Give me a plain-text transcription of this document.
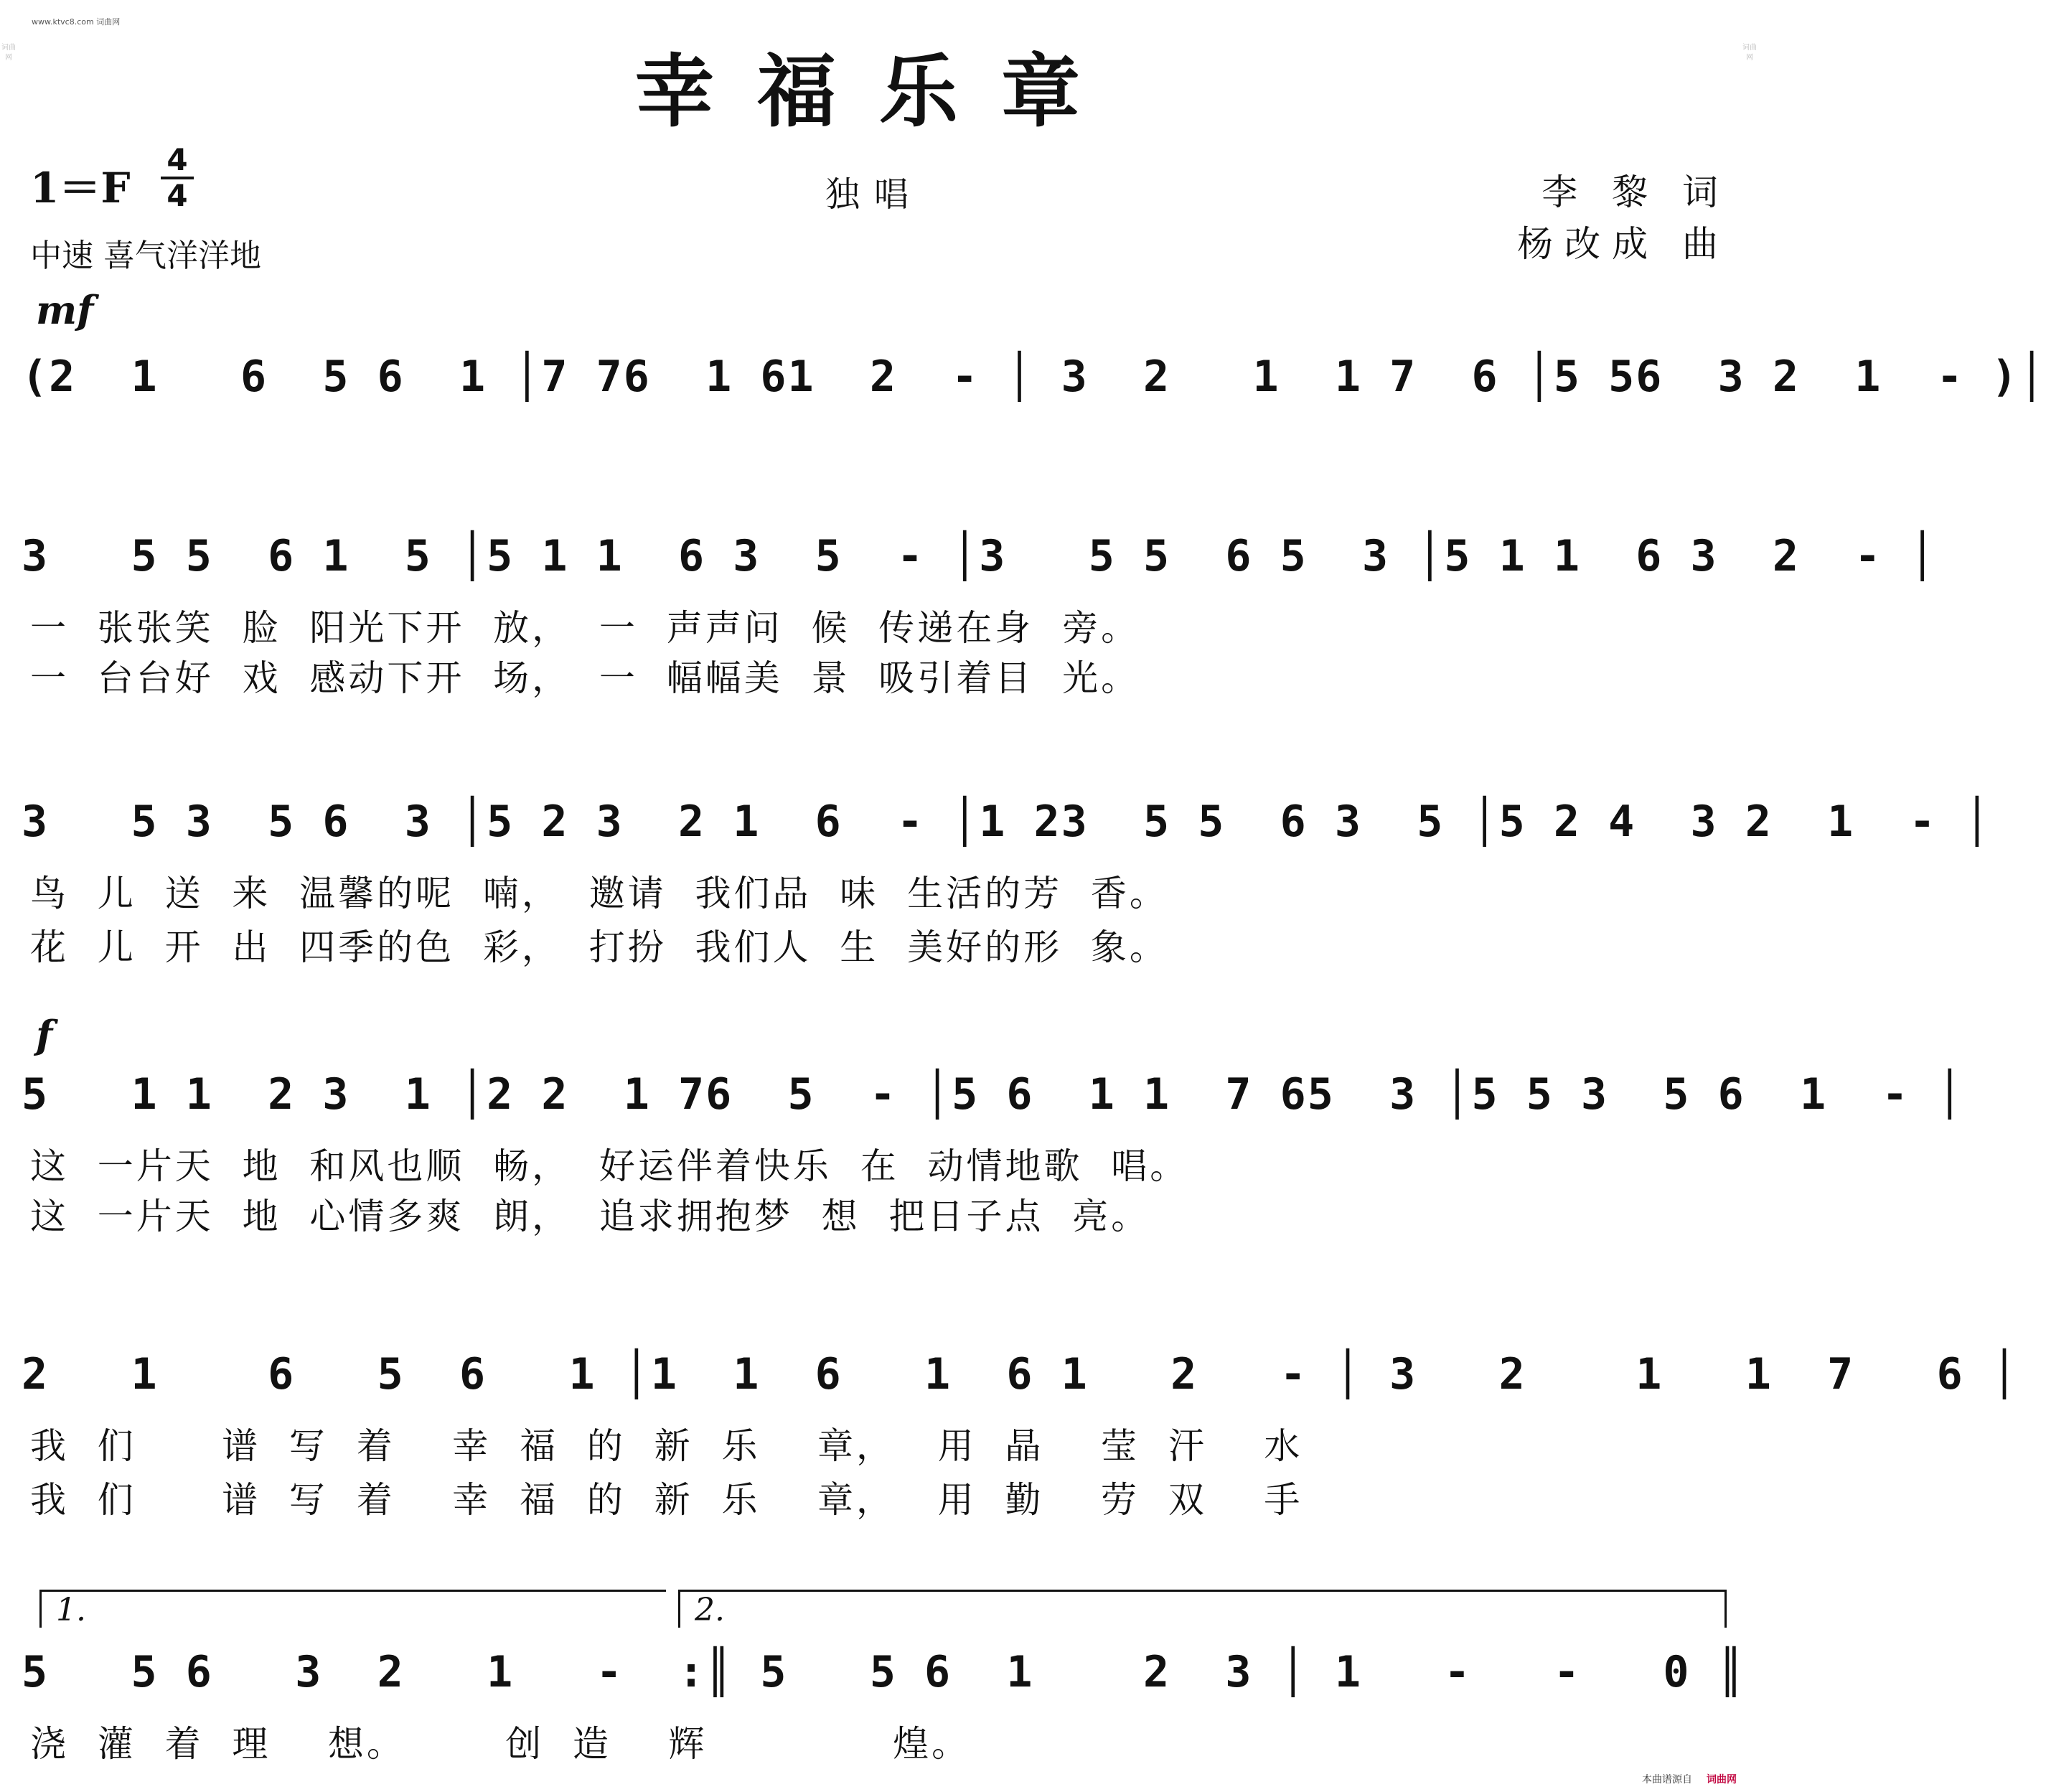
www.ktvc8.com 词曲网
词曲网
词曲网
幸福乐章
1＝F
4
4
中速 喜气洋洋地
独唱	李 黎 词
杨改成 曲
mf
(2  1   6  5 6  1 │7 76  1 61  2  - │ 3  2   1  1 7  6 │5 56  3 2  1  - )│
3   5 5  6 1  5 │5 1 1  6 3  5  - │3   5 5  6 5  3 │5 1 1  6 3  2  - │
一  张张笑  脸  阳光下开  放，  一  声声问  候  传递在身  旁。
一  台台好  戏  感动下开  场，  一  幅幅美  景  吸引着目  光。
3   5 3  5 6  3 │5 2 3  2 1  6  - │1 23  5 5  6 3  5 │5 2 4  3 2  1  - │
鸟  儿  送  来  温馨的呢  喃，  邀请  我们品  味  生活的芳  香。
花  儿  开  出  四季的色  彩，  打扮  我们人  生  美好的形  象。
f
5   1 1  2 3  1 │2 2  1 76  5  - │5 6  1 1  7 65  3 │5 5 3  5 6  1  - │
这  一片天  地  和风也顺  畅，  好运伴着快乐  在  动情地歌  唱。
这  一片天  地  心情多爽  朗，  追求拥抱梦  想  把日子点  亮。
2   1    6   5  6   1 │1  1  6   1  6 1   2   - │ 3   2    1   1  7   6 │
我  们      谱  写  着    幸  福  的  新  乐    章，   用  晶    莹  汗    水
我  们      谱  写  着    幸  福  的  新  乐    章，   用  勤    劳  双    手
1.	2.
5   5 6   3  2   1   -  :║ 5   5 6  1    2  3 │ 1   -   -   0 ║
浇  灌  着  理    想。       创  造    辉             煌。
本曲谱源自 词曲网
